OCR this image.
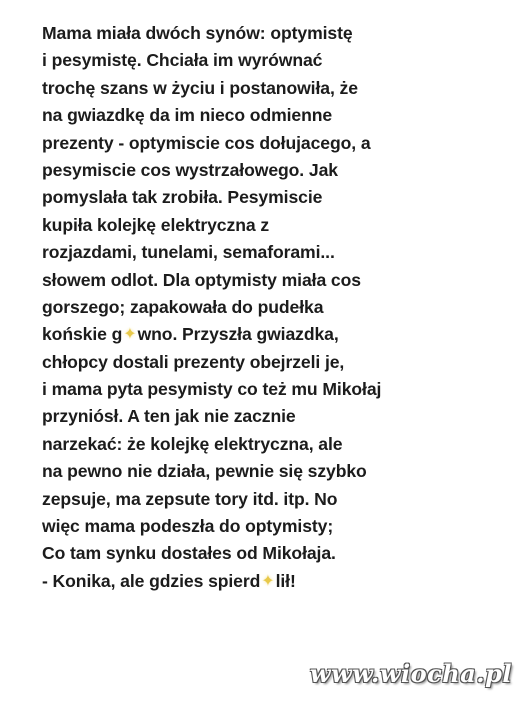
Mama miała dwóch synów: optymistę
i pesymistę. Chciała im wyrównać
trochę szans w życiu i postanowiła, że
na gwiazdkę da im nieco odmienne
prezenty - optymiscie cos dołujacego, a
pesymiscie cos wystrzałowego. Jak
pomyslała tak zrobiła. Pesymiscie
kupiła kolejkę elektryczna z
rozjazdami, tunelami, semaforami...
słowem odlot. Dla optymisty miała cos
gorszego; zapakowała do pudełka
końskie g✦wno. Przyszła gwiazdka,
chłopcy dostali prezenty obejrzeli je,
i mama pyta pesymisty co też mu Mikołaj
przyniósł. A ten jak nie zacznie
narzekać: że kolejkę elektryczna, ale
na pewno nie działa, pewnie się szybko
zepsuje, ma zepsute tory itd. itp. No
więc mama podeszła do optymisty;
Co tam synku dostałes od Mikołaja.
- Konika, ale gdzies spierd✦lił!
www.wiocha.pl
